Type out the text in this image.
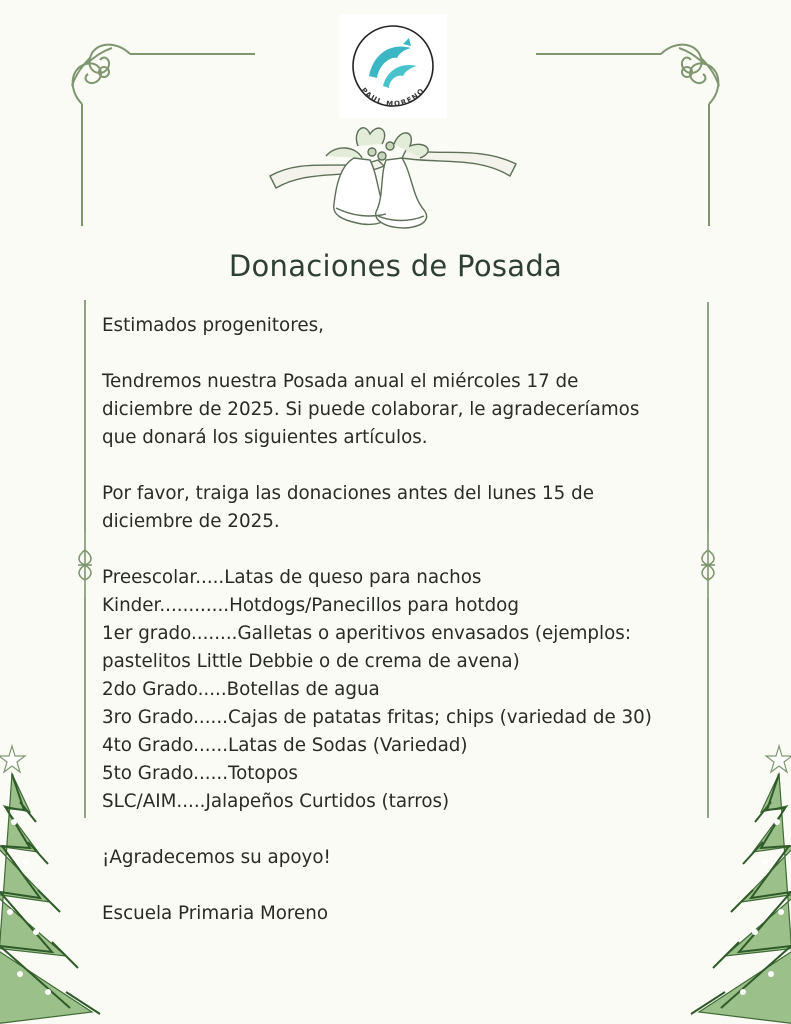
PAUL MORENO
Donaciones de Posada

Estimados progenitores,

Tendremos nuestra Posada anual el miércoles 17 de

diciembre de 2025. Si puede colaborar, le agradeceríamos

que donará los siguientes artículos.

Por favor, traiga las donaciones antes del lunes 15 de

diciembre de 2025.

Preescolar.....Latas de queso para nachos

Kinder............Hotdogs/Panecillos para hotdog

1er grado........Galletas o aperitivos envasados (ejemplos:

pastelitos Little Debbie o de crema de avena)

2do Grado.....Botellas de agua

3ro Grado......Cajas de patatas fritas; chips (variedad de 30)

4to Grado......Latas de Sodas (Variedad)

5to Grado......Totopos

SLC/AIM.....Jalapeños Curtidos (tarros)

¡Agradecemos su apoyo!

Escuela Primaria Moreno
